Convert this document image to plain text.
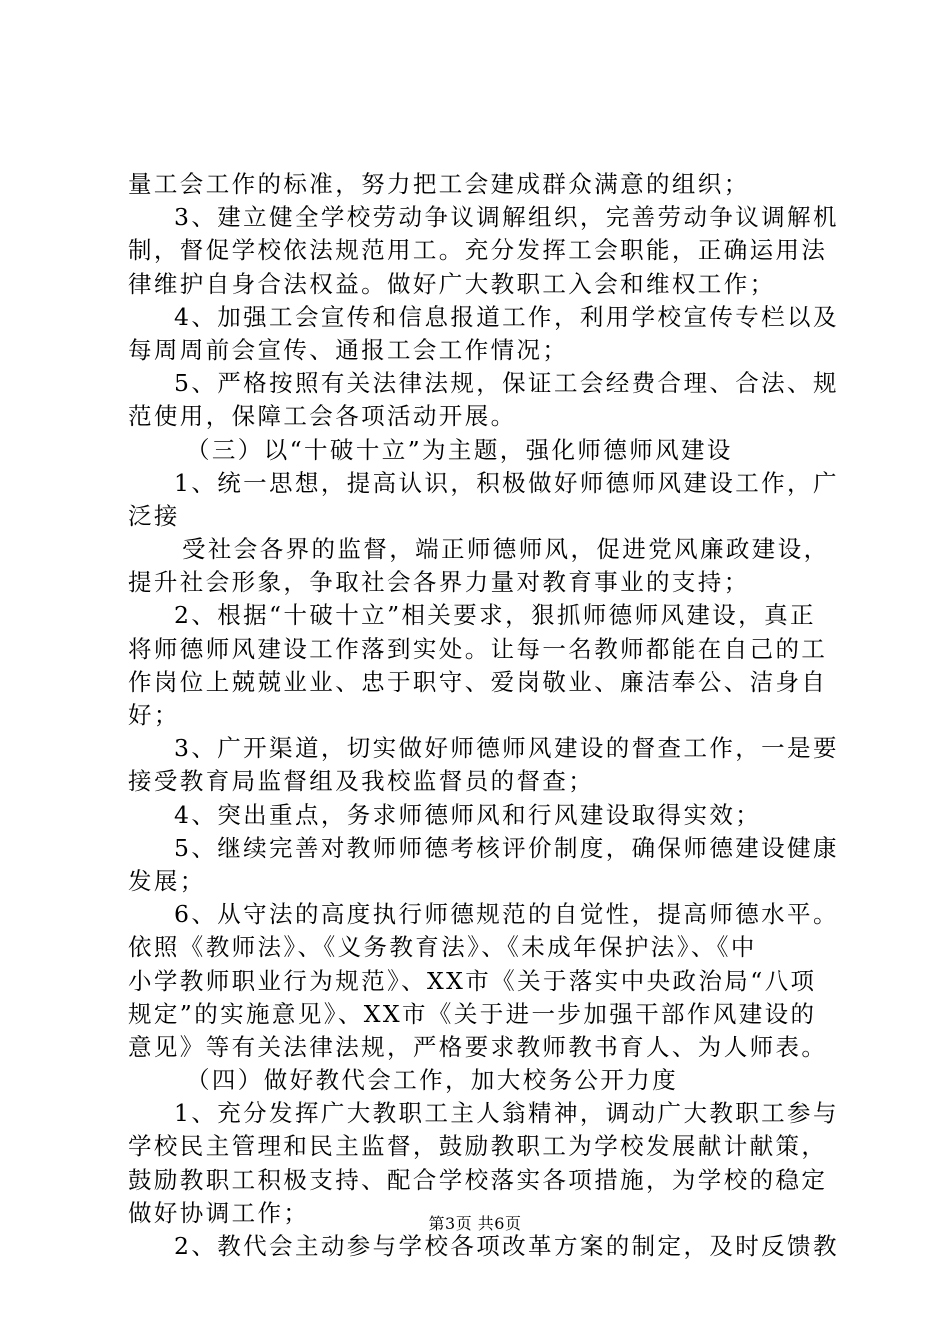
量工会工作的标准，努力把工会建成群众满意的组织；
3、建立健全学校劳动争议调解组织，完善劳动争议调解机
制，督促学校依法规范用工。充分发挥工会职能，正确运用法
律维护自身合法权益。做好广大教职工入会和维权工作；
4、加强工会宣传和信息报道工作，利用学校宣传专栏以及
每周周前会宣传、通报工会工作情况；
5、严格按照有关法律法规，保证工会经费合理、合法、规
范使用，保障工会各项活动开展。
（三）以“十破十立”为主题，强化师德师风建设
1、统一思想，提高认识，积极做好师德师风建设工作，广
泛接
受社会各界的监督，端正师德师风，促进党风廉政建设，
提升社会形象，争取社会各界力量对教育事业的支持；
2、根据“十破十立”相关要求，狠抓师德师风建设，真正
将师德师风建设工作落到实处。让每一名教师都能在自己的工
作岗位上兢兢业业、忠于职守、爱岗敬业、廉洁奉公、洁身自
好；
3、广开渠道，切实做好师德师风建设的督查工作，一是要
接受教育局监督组及我校监督员的督查；
4、突出重点，务求师德师风和行风建设取得实效；
5、继续完善对教师师德考核评价制度，确保师德建设健康
发展；
6、从守法的高度执行师德规范的自觉性，提高师德水平。
依照《教师法》、《义务教育法》、《未成年保护法》、《中
小学教师职业行为规范》、XX市《关于落实中央政治局“八项
规定”的实施意见》、XX市《关于进一步加强干部作风建设的
意见》等有关法律法规，严格要求教师教书育人、为人师表。
（四）做好教代会工作，加大校务公开力度
1、充分发挥广大教职工主人翁精神，调动广大教职工参与
学校民主管理和民主监督，鼓励教职工为学校发展献计献策，
鼓励教职工积极支持、配合学校落实各项措施，为学校的稳定
做好协调工作；
2、教代会主动参与学校各项改革方案的制定，及时反馈教
第3页 共6页
